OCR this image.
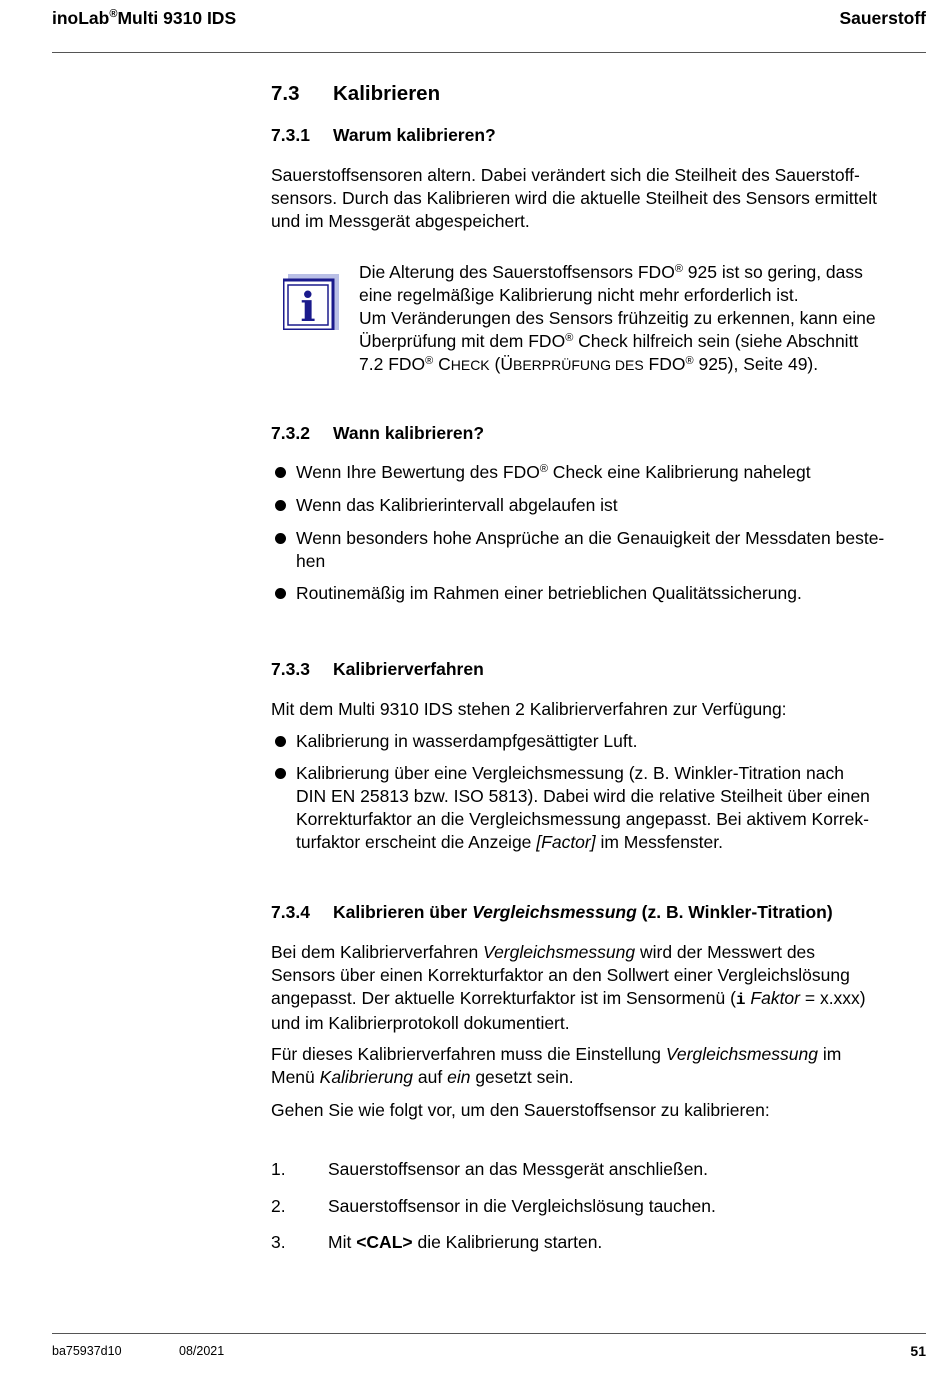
inoLab®Multi 9310 IDS	Sauerstoff
7.3 Kalibrieren
7.3.1 Warum kalibrieren?
Sauerstoffsensoren altern. Dabei verändert sich die Steilheit des Sauerstoff-
sensors. Durch das Kalibrieren wird die aktuelle Steilheit des Sensors ermittelt
und im Messgerät abgespeichert.
i
Die Alterung des Sauerstoffsensors FDO® 925 ist so gering, dass
eine regelmäßige Kalibrierung nicht mehr erforderlich ist.
Um Veränderungen des Sensors frühzeitig zu erkennen, kann eine
Überprüfung mit dem FDO® Check hilfreich sein (siehe Abschnitt
7.2 FDO® CHECK (ÜBERPRÜFUNG DES FDO® 925), Seite 49).
7.3.2 Wann kalibrieren?
Wenn Ihre Bewertung des FDO® Check eine Kalibrierung nahelegt
Wenn das Kalibrierintervall abgelaufen ist
Wenn besonders hohe Ansprüche an die Genauigkeit der Messdaten beste-
hen
Routinemäßig im Rahmen einer betrieblichen Qualitätssicherung.
7.3.3 Kalibrierverfahren
Mit dem Multi 9310 IDS stehen 2 Kalibrierverfahren zur Verfügung:
Kalibrierung in wasserdampfgesättigter Luft.
Kalibrierung über eine Vergleichsmessung (z. B. Winkler-Titration nach
DIN EN 25813 bzw. ISO 5813). Dabei wird die relative Steilheit über einen
Korrekturfaktor an die Vergleichsmessung angepasst. Bei aktivem Korrek-
turfaktor erscheint die Anzeige [Factor] im Messfenster.
7.3.4 Kalibrieren über Vergleichsmessung (z. B. Winkler-Titration)
Bei dem Kalibrierverfahren Vergleichsmessung wird der Messwert des
Sensors über einen Korrekturfaktor an den Sollwert einer Vergleichslösung
angepasst. Der aktuelle Korrekturfaktor ist im Sensormenü (i Faktor = x.xxx)
und im Kalibrierprotokoll dokumentiert.
Für dieses Kalibrierverfahren muss die Einstellung Vergleichsmessung im
Menü Kalibrierung auf ein gesetzt sein.
Gehen Sie wie folgt vor, um den Sauerstoffsensor zu kalibrieren:
1. Sauerstoffsensor an das Messgerät anschließen.
2. Sauerstoffsensor in die Vergleichslösung tauchen.
3. Mit <CAL> die Kalibrierung starten.
ba75937d10	08/2021	51
